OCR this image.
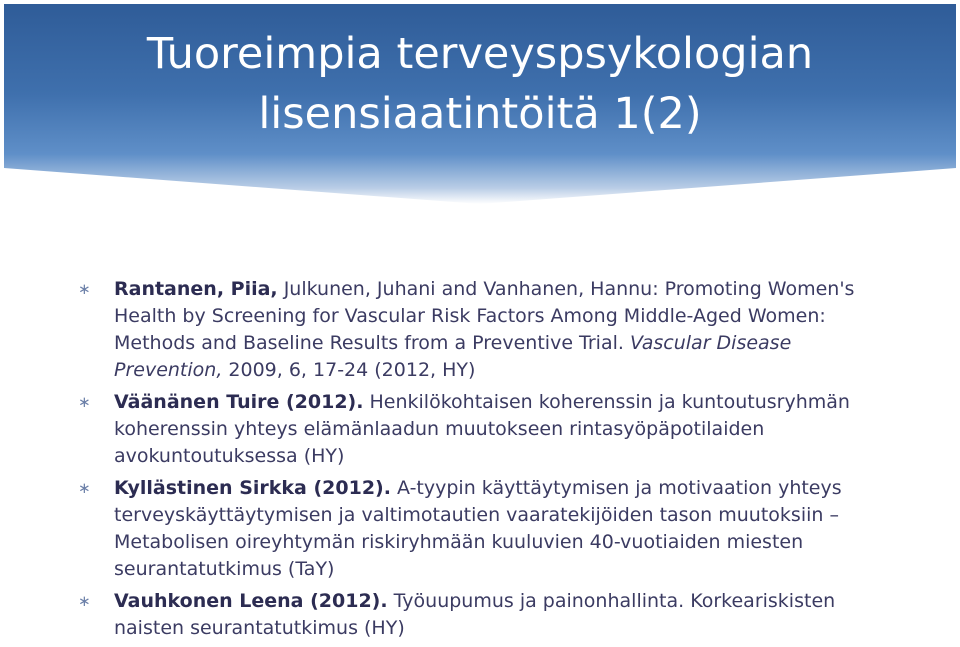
Tuoreimpia terveyspsykologian
lisensiaatintöitä 1(2)
∗ Rantanen, Piia, Julkunen, Juhani and Vanhanen, Hannu: Promoting Women's Health by Screening for Vascular Risk Factors Among Middle-Aged Women: Methods and Baseline Results from a Preventive Trial. Vascular Disease Prevention, 2009, 6, 17-24 (2012, HY)
∗ Väänänen Tuire (2012). Henkilökohtaisen koherenssin ja kuntoutusryhmän koherenssin yhteys elämänlaadun muutokseen rintasyöpäpotilaiden avokuntoutuksessa (HY)
∗ Kyllästinen Sirkka (2012). A-tyypin käyttäytymisen ja motivaation yhteys terveyskäyttäytymisen ja valtimotautien vaaratekijöiden tason muutoksiin – Metabolisen oireyhtymän riskiryhmään kuuluvien 40-vuotiaiden miesten seurantatutkimus (TaY)
∗ Vauhkonen Leena (2012). Työuupumus ja painonhallinta. Korkeariskisten naisten seurantatutkimus (HY)
